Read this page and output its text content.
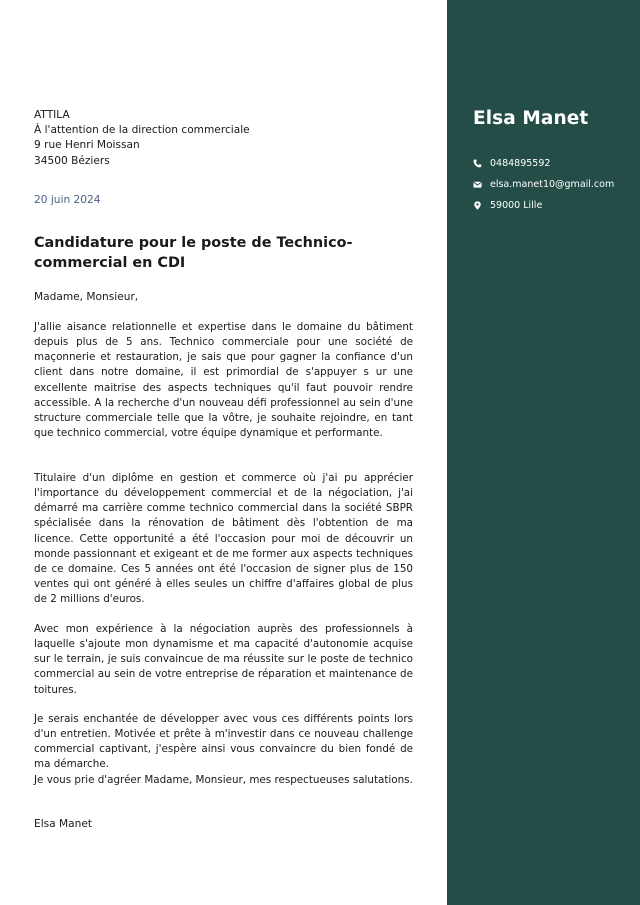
Elsa Manet
0484895592
elsa.manet10@gmail.com
59000 Lille
ATTILA
À l'attention de la direction commerciale
9 rue Henri Moissan
34500 Béziers
20 juin 2024
Candidature pour le poste de Technico-commercial en CDI
Madame, Monsieur,
J'allie aisance relationnelle et expertise dans le domaine du bâtiment depuis plus de 5 ans. Technico commerciale pour une société de maçonnerie et restauration, je sais que pour gagner la confiance d'un client dans notre domaine, il est primordial de s'appuyer s ur une excellente maitrise des aspects techniques qu'il faut pouvoir rendre accessible. A la recherche d'un nouveau défi professionnel au sein d'une structure commerciale telle que la vôtre, je souhaite rejoindre, en tant que technico commercial, votre équipe dynamique et performante.
Titulaire d'un diplôme en gestion et commerce où j'ai pu apprécier l'importance du développement commercial et de la négociation, j'ai démarré ma carrière comme technico commercial dans la société SBPR spécialisée dans la rénovation de bâtiment dès l'obtention de ma licence. Cette opportunité a été l'occasion pour moi de découvrir un monde passionnant et exigeant et de me former aux aspects techniques de ce domaine. Ces 5 années ont été l'occasion de signer plus de 150 ventes qui ont généré à elles seules un chiffre d'affaires global de plus de 2 millions d'euros.
Avec mon expérience à la négociation auprès des professionnels à laquelle s'ajoute mon dynamisme et ma capacité d'autonomie acquise sur le terrain, je suis convaincue de ma réussite sur le poste de technico commercial au sein de votre entreprise de réparation et maintenance de toitures.
Je serais enchantée de développer avec vous ces différents points lors d'un entretien. Motivée et prête à m'investir dans ce nouveau challenge commercial captivant, j'espère ainsi vous convaincre du bien fondé de ma démarche.
Je vous prie d'agréer Madame, Monsieur, mes respectueuses salutations.
Elsa Manet
